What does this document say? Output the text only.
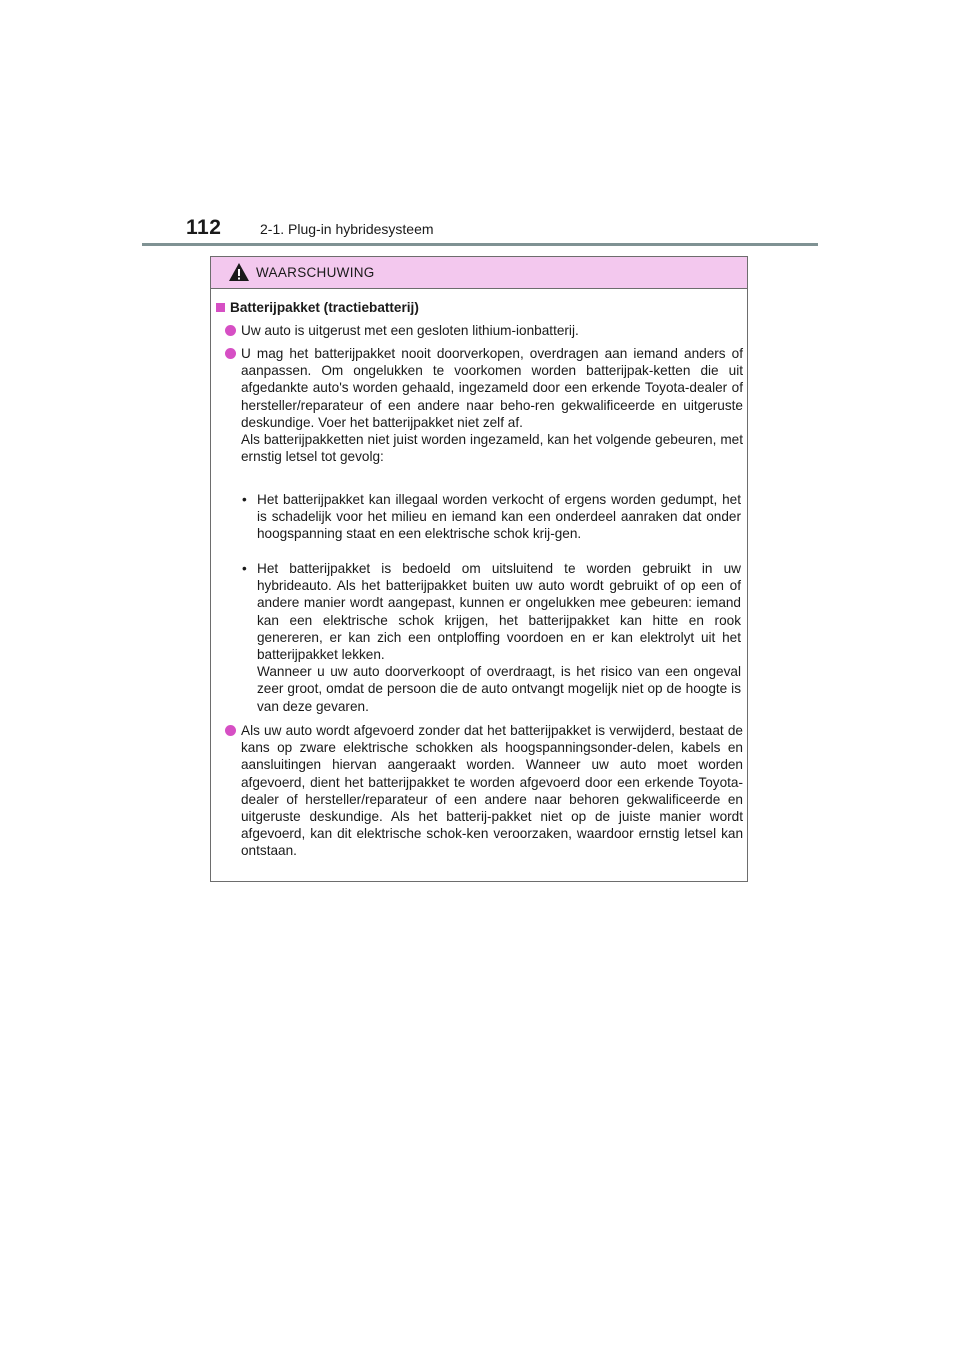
112	2-1. Plug-in hybridesysteem
WAARSCHUWING
Batterijpakket (tractiebatterij)

Uw auto is uitgerust met een gesloten lithium-ionbatterij.

U mag het batterijpakket nooit doorverkopen, overdragen aan iemand anders of aanpassen. Om ongelukken te voorkomen worden batterijpak-ketten die uit afgedankte auto's worden gehaald, ingezameld door een erkende Toyota-dealer of hersteller/reparateur of een andere naar beho-ren gekwalificeerde en uitgeruste deskundige. Voer het batterijpakket niet zelf af.

Als batterijpakketten niet juist worden ingezameld, kan het volgende gebeuren, met ernstig letsel tot gevolg:

• Het batterijpakket kan illegaal worden verkocht of ergens worden gedumpt, het is schadelijk voor het milieu en iemand kan een onderdeel aanraken dat onder hoogspanning staat en een elektrische schok krij-gen.

• Het batterijpakket is bedoeld om uitsluitend te worden gebruikt in uw hybrideauto. Als het batterijpakket buiten uw auto wordt gebruikt of op een of andere manier wordt aangepast, kunnen er ongelukken mee gebeuren: iemand kan een elektrische schok krijgen, het batterijpakket kan hitte en rook genereren, er kan zich een ontploffing voordoen en er kan elektrolyt uit het batterijpakket lekken.

Wanneer u uw auto doorverkoopt of overdraagt, is het risico van een ongeval zeer groot, omdat de persoon die de auto ontvangt mogelijk niet op de hoogte is van deze gevaren.

Als uw auto wordt afgevoerd zonder dat het batterijpakket is verwijderd, bestaat de kans op zware elektrische schokken als hoogspanningsonder-delen, kabels en aansluitingen hiervan aangeraakt worden. Wanneer uw auto moet worden afgevoerd, dient het batterijpakket te worden afgevoerd door een erkende Toyota-dealer of hersteller/reparateur of een andere naar behoren gekwalificeerde en uitgeruste deskundige. Als het batterij-pakket niet op de juiste manier wordt afgevoerd, kan dit elektrische schok-ken veroorzaken, waardoor ernstig letsel kan ontstaan.
